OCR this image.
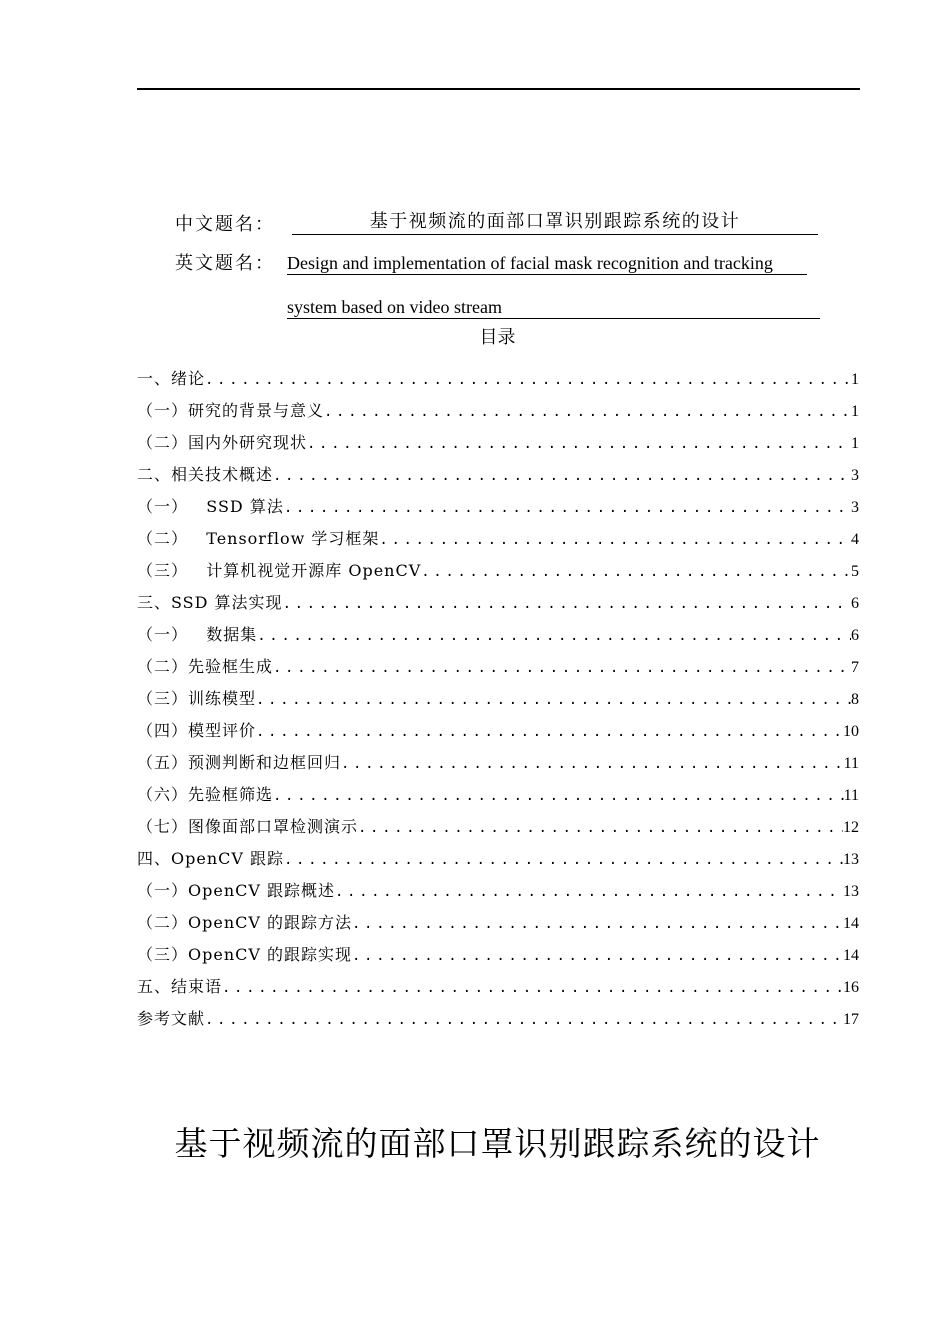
中文题名：	基于视频流的面部口罩识别跟踪系统的设计
英文题名： Design and implementation of facial mask recognition and tracking
system based on video stream
目录
一、绪论 .....	1
（一）研究的背景与意义 .....	1
（二）国内外研究现状 .....	1
二、相关技术概述 .....	3
（一）   SSD 算法 .....	3
（二）   Tensorflow 学习框架 .....	4
（三）   计算机视觉开源库 OpenCV .....	5
三、SSD 算法实现 .....	6
（一）   数据集 .....	6
（二）先验框生成 .....	7
（三）训练模型 .....	8
（四）模型评价 .....	10
（五）预测判断和边框回归 .....	11
（六）先验框筛选 .....	11
（七）图像面部口罩检测演示 .....	12
四、OpenCV 跟踪 .....	13
（一）OpenCV 跟踪概述 .....	13
（二）OpenCV 的跟踪方法 .....	14
（三）OpenCV 的跟踪实现 .....	14
五、结束语 .....	16
参考文献 .....	17
基于视频流的面部口罩识别跟踪系统的设计
